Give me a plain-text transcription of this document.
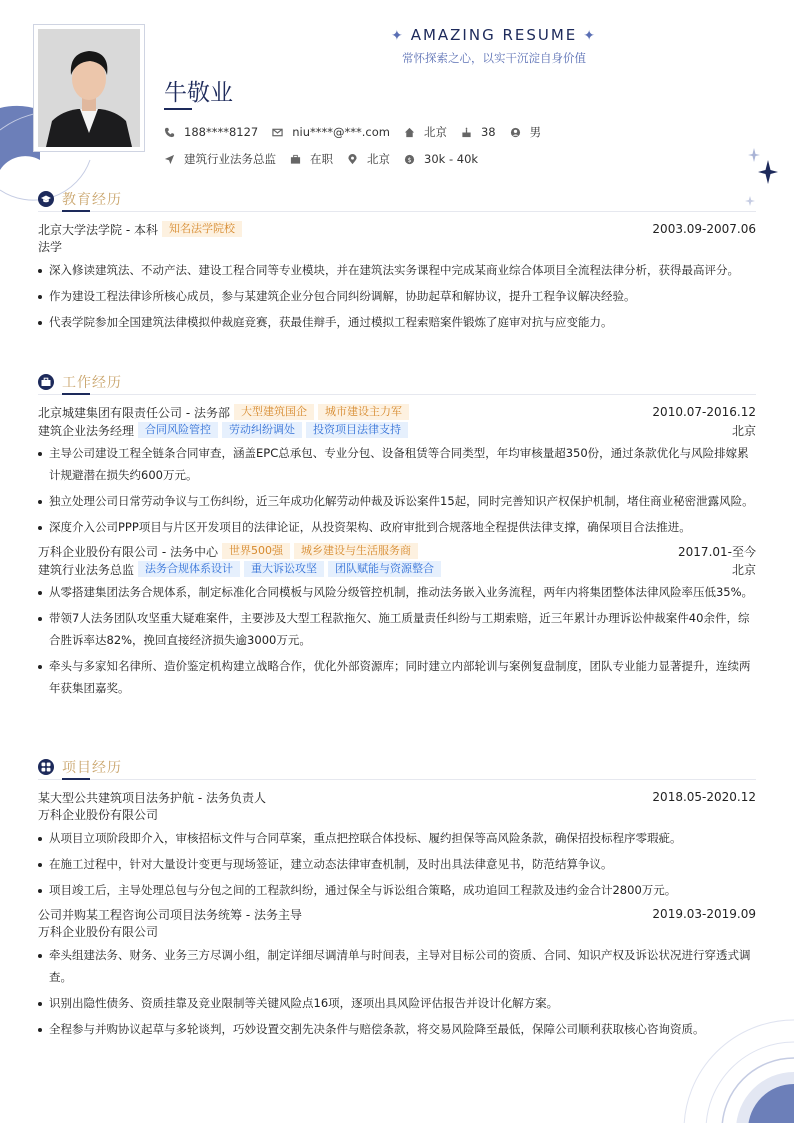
✦ AMAZING RESUME ✦
常怀探索之心，以实干沉淀自身价值
牛敬业
188****8127	niu****@***.com	北京	38	男
建筑行业法务总监	在职	北京 $ 30k - 40k
教育经历
北京大学法学院 - 本科	知名法学院校	2003.09-2007.06
法学
深入修读建筑法、不动产法、建设工程合同等专业模块，并在建筑法实务课程中完成某商业综合体项目全流程法律分析，获得最高评分。
作为建设工程法律诊所核心成员，参与某建筑企业分包合同纠纷调解，协助起草和解协议，提升工程争议解决经验。
代表学院参加全国建筑法律模拟仲裁庭竞赛，获最佳辩手，通过模拟工程索赔案件锻炼了庭审对抗与应变能力。
工作经历
北京城建集团有限责任公司 - 法务部	大型建筑国企	城市建设主力军	2010.07-2016.12
建筑企业法务经理	合同风险管控	劳动纠纷调处	投资项目法律支持	北京
主导公司建设工程全链条合同审查，涵盖EPC总承包、专业分包、设备租赁等合同类型，年均审核量超350份，通过条款优化与风险排嫁累计规避潜在损失约600万元。
独立处理公司日常劳动争议与工伤纠纷，近三年成功化解劳动仲裁及诉讼案件15起，同时完善知识产权保护机制，堵住商业秘密泄露风险。
深度介入公司PPP项目与片区开发项目的法律论证，从投资架构、政府审批到合规落地全程提供法律支撑，确保项目合法推进。
万科企业股份有限公司 - 法务中心	世界500强	城乡建设与生活服务商	2017.01-至今
建筑行业法务总监	法务合规体系设计	重大诉讼攻坚	团队赋能与资源整合	北京
从零搭建集团法务合规体系，制定标准化合同模板与风险分级管控机制，推动法务嵌入业务流程，两年内将集团整体法律风险率压低35%。
带领7人法务团队攻坚重大疑难案件，主要涉及大型工程款拖欠、施工质量责任纠纷与工期索赔，近三年累计办理诉讼仲裁案件40余件，综合胜诉率达82%，挽回直接经济损失逾3000万元。
牵头与多家知名律所、造价鉴定机构建立战略合作，优化外部资源库；同时建立内部轮训与案例复盘制度，团队专业能力显著提升，连续两年获集团嘉奖。
项目经历
某大型公共建筑项目法务护航 - 法务负责人	2018.05-2020.12
万科企业股份有限公司
从项目立项阶段即介入，审核招标文件与合同草案，重点把控联合体投标、履约担保等高风险条款，确保招投标程序零瑕疵。
在施工过程中，针对大量设计变更与现场签证，建立动态法律审查机制，及时出具法律意见书，防范结算争议。
项目竣工后，主导处理总包与分包之间的工程款纠纷，通过保全与诉讼组合策略，成功追回工程款及违约金合计2800万元。
公司并购某工程咨询公司项目法务统筹 - 法务主导	2019.03-2019.09
万科企业股份有限公司
牵头组建法务、财务、业务三方尽调小组，制定详细尽调清单与时间表，主导对目标公司的资质、合同、知识产权及诉讼状况进行穿透式调查。
识别出隐性债务、资质挂靠及竞业限制等关键风险点16项，逐项出具风险评估报告并设计化解方案。
全程参与并购协议起草与多轮谈判，巧妙设置交割先决条件与赔偿条款，将交易风险降至最低，保障公司顺利获取核心咨询资质。
